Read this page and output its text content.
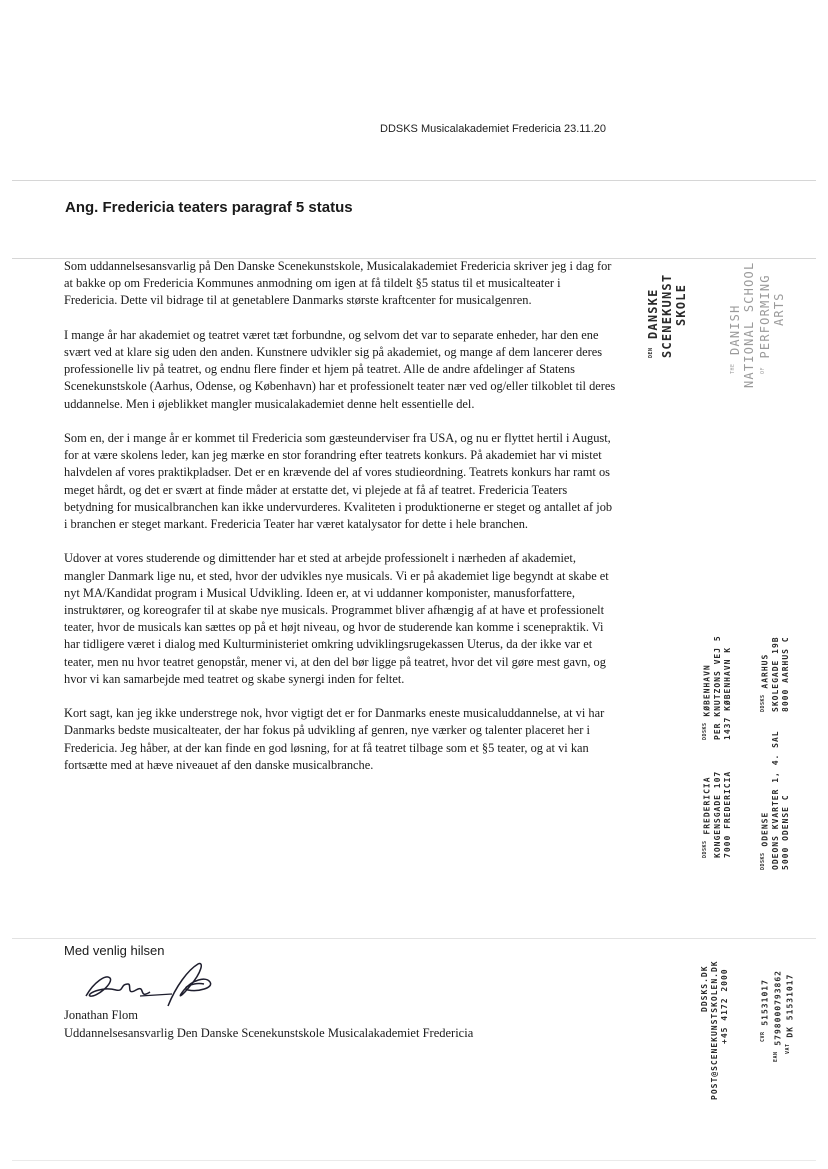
DDSKS Musicalakademiet Fredericia 23.11.20
Ang. Fredericia teaters paragraf 5 status

Som uddannelsesansvarlig på Den Danske Scenekunstskole, Musicalakademiet Fredericia skriver jeg i dag for at bakke op om Fredericia Kommunes anmodning om igen at få tildelt §5 status til et musicalteater i Fredericia. Dette vil bidrage til at genetablere Danmarks største kraftcenter for musicalgenren.

I mange år har akademiet og teatret været tæt forbundne, og selvom det var to separate enheder, har den ene svært ved at klare sig uden den anden. Kunstnere udvikler sig på akademiet, og mange af dem lancerer deres professionelle liv på teatret, og endnu flere finder et hjem på teatret. Alle de andre afdelinger af Statens Scenekunstskole (Aarhus, Odense, og København) har et professionelt teater nær ved og/eller tilkoblet til deres uddannelse. Men i øjeblikket mangler musicalakademiet denne helt essentielle del.

Som en, der i mange år er kommet til Fredericia som gæsteunderviser fra USA, og nu er flyttet hertil i August, for at være skolens leder, kan jeg mærke en stor forandring efter teatrets konkurs. På akademiet har vi mistet halvdelen af vores praktikpladser. Det er en krævende del af vores studieordning. Teatrets konkurs har ramt os meget hårdt, og det er svært at finde måder at erstatte det, vi plejede at få af teatret. Fredericia Teaters betydning for musicalbranchen kan ikke undervurderes. Kvaliteten i produktionerne er steget og antallet af job i branchen er steget markant. Fredericia Teater har været katalysator for dette i hele branchen.

Udover at vores studerende og dimittender har et sted at arbejde professionelt i nærheden af akademiet, mangler Danmark lige nu, et sted, hvor der udvikles nye musicals. Vi er på akademiet lige begyndt at skabe et nyt MA/Kandidat program i Musical Udvikling. Ideen er, at vi uddanner komponister, manusforfattere, instruktører, og koreografer til at skabe nye musicals. Programmet bliver afhængig af at have et professionelt teater, hvor de musicals kan sættes op på et højt niveau, og hvor de studerende kan komme i scenepraktik. Vi har tidligere været i dialog med Kulturministeriet omkring udviklingsrugekassen Uterus, da der ikke var et teater, men nu hvor teatret genopstår, mener vi, at den del bør ligge på teatret, hvor det vil gøre mest gavn, og hvor vi kan samarbejde med teatret og skabe synergi inden for feltet.

Kort sagt, kan jeg ikke understrege nok, hvor vigtigt det er for Danmarks eneste musicaluddannelse, at vi har Danmarks bedste musicalteater, der har fokus på udvikling af genren, nye værker og talenter placeret her i Fredericia. Jeg håber, at der kan finde en god løsning, for at få teatret tilbage som et §5 teater, og at vi kan fortsætte med at hæve niveauet af den danske musicalbranche.

Med venlig hilsen
Jonathan Flom
Uddannelsesansvarlig Den Danske Scenekunstskole Musicalakademiet Fredericia
$^{DEN}$ DANSKE SCENEKUNST SKOLE
$^{THE}$ DANISH NATIONAL SCHOOL $^{OF}$ PERFORMING ARTS
$^{DDSKS}$ KØBENHAVN PER KNUTZONS VEJ 5 1437 KØBENHAVN K	$^{DDSKS}$ AARHUS SKOLEGADE 19B 8000 AARHUS C
$^{DDSKS}$ FREDERICIA KONGENSGADE 107 7000 FREDERICIA
$^{DDSKS}$ ODENSE ODEONS KVARTER 1, 4. SAL 5000 ODENSE C
DDSKS.DK POST@SCENEKUNSTSKOLEN.DK +45 4172 2000	$^{CVR}$ 51531017
$^{EAN}$ 5798000793862
$^{VAT}$ DK 51531017
